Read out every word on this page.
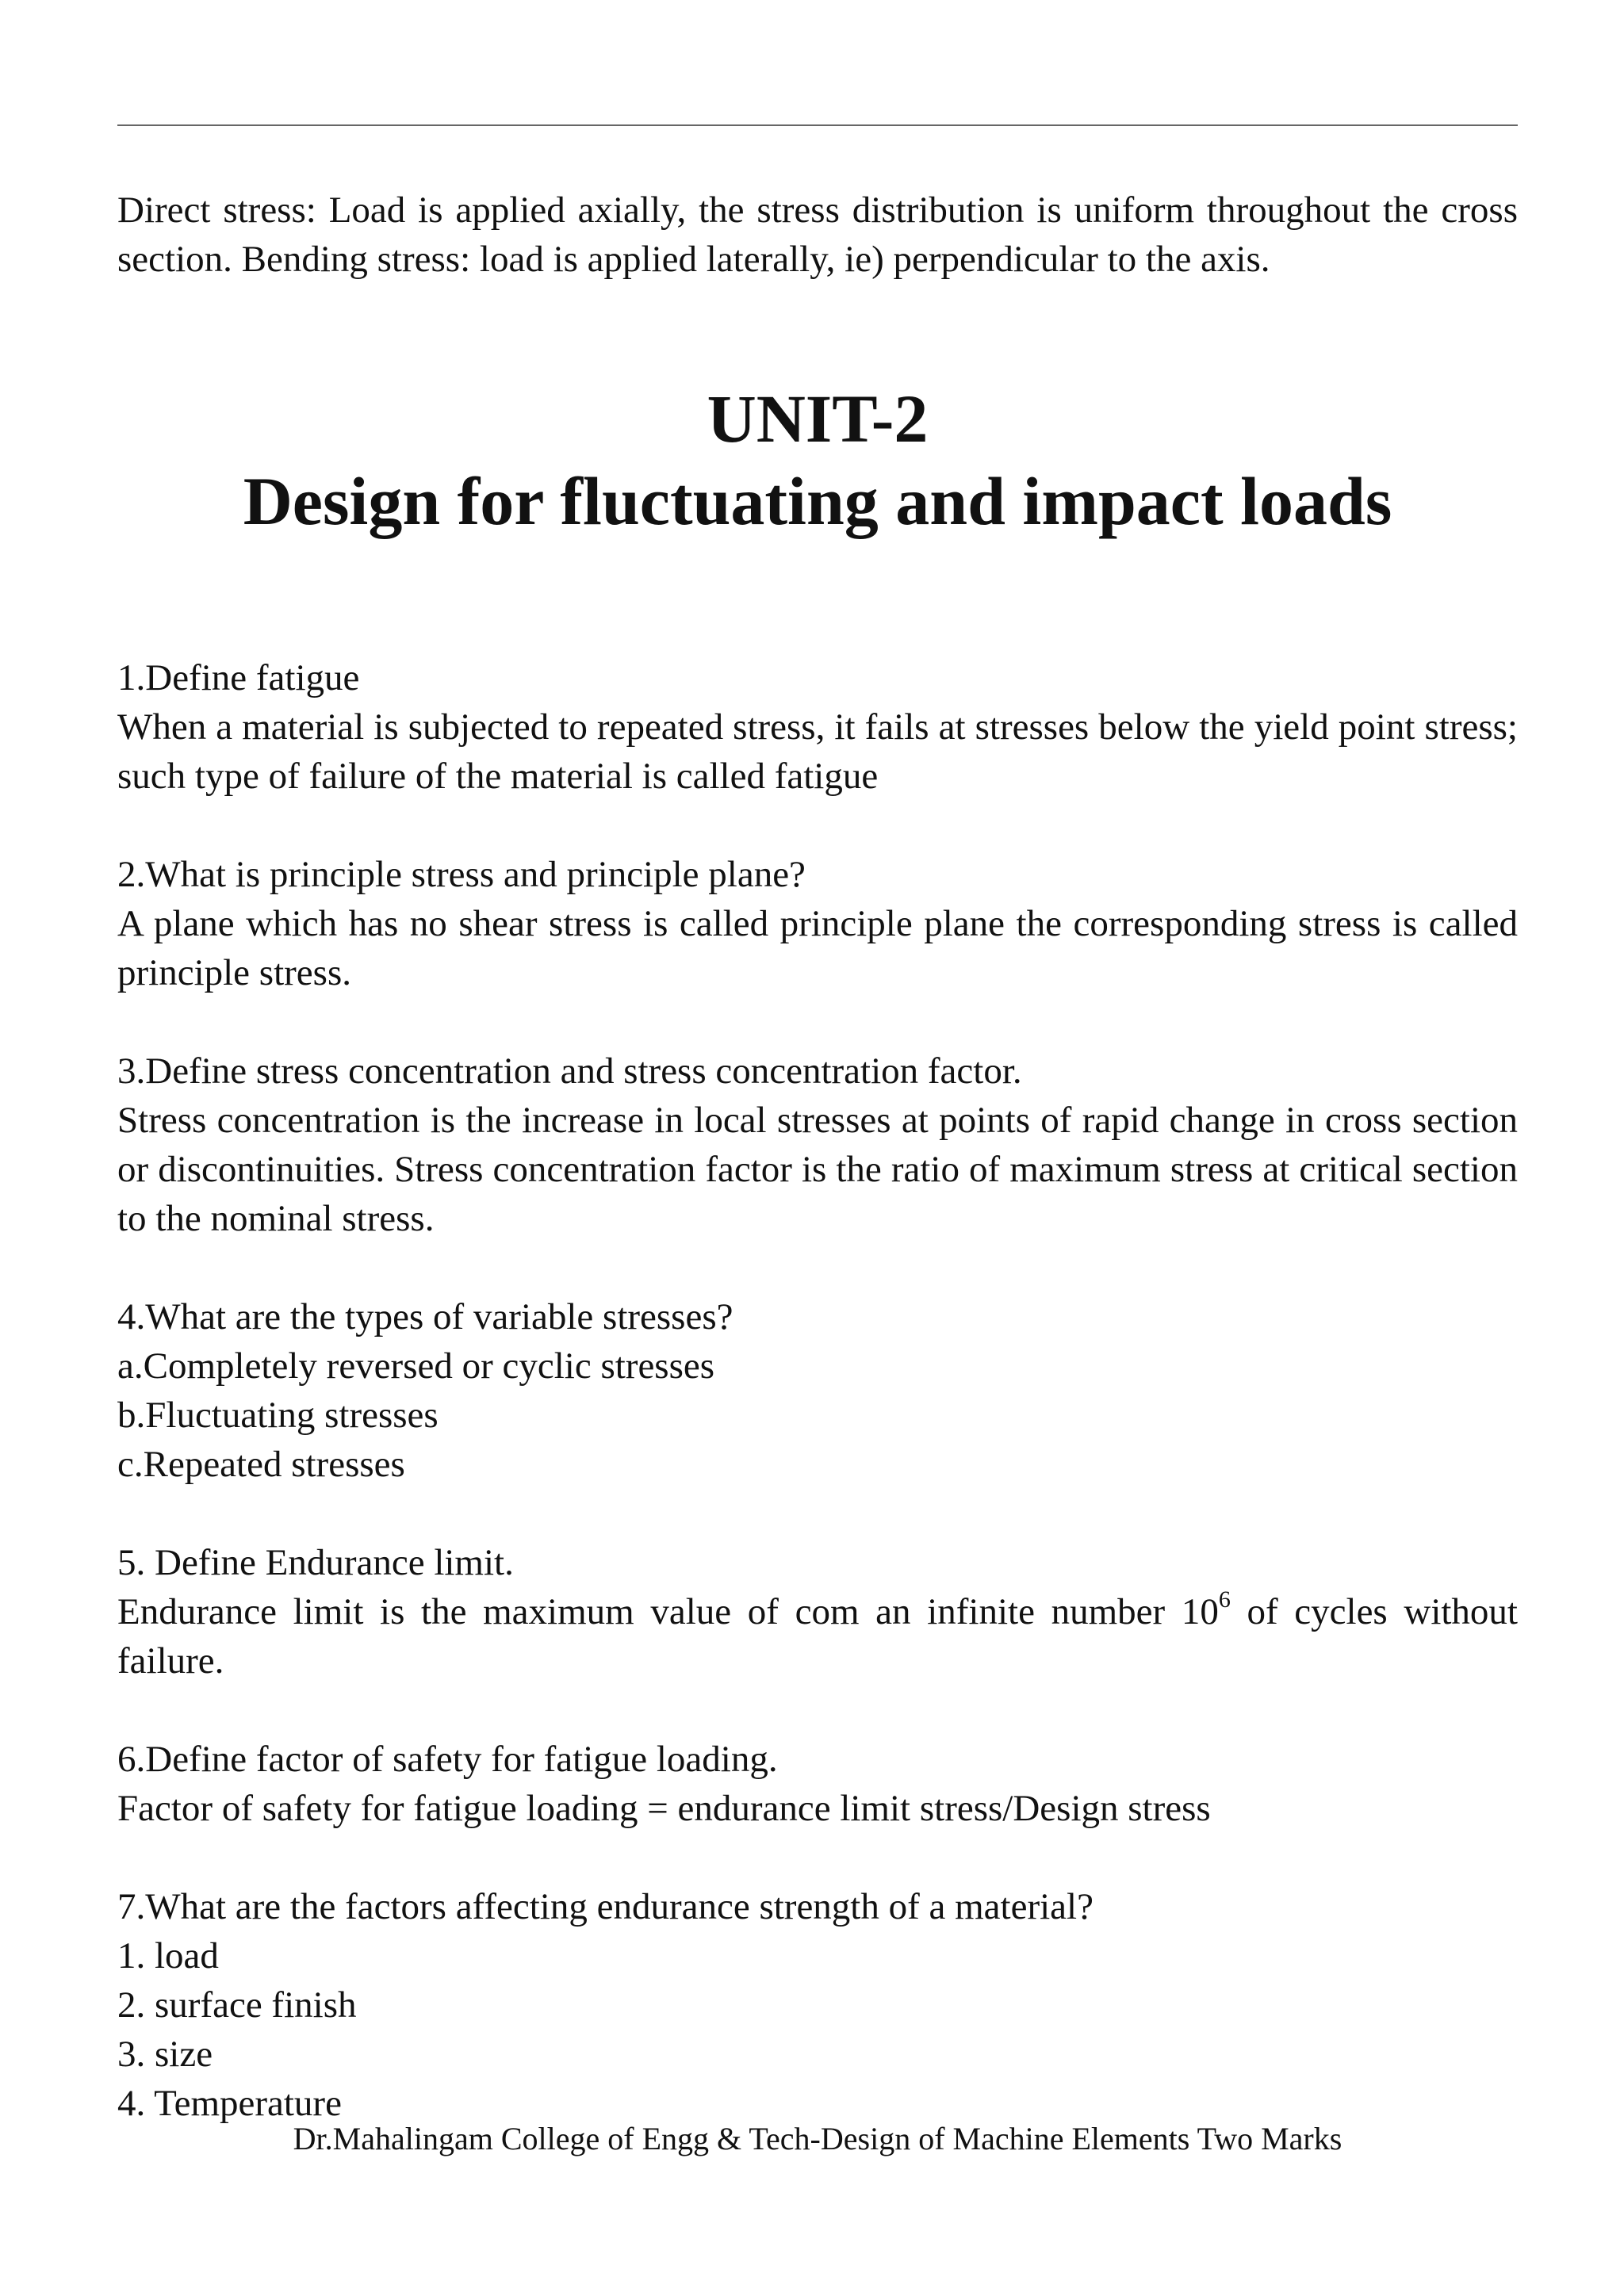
Direct stress: Load is applied axially, the stress distribution is uniform throughout the cross section. Bending stress: load is applied laterally, ie) perpendicular to the axis.

UNIT-2
Design for fluctuating and impact loads

1.Define fatigue

When a material is subjected to repeated stress, it fails at stresses below the yield point stress; such type of failure of the material is called fatigue

2.What is principle stress and principle plane?

A plane which has no shear stress is called principle plane the corresponding stress is called principle stress.

3.Define stress concentration and stress concentration factor.

Stress concentration is the increase in local stresses at points of rapid change in cross section or discontinuities. Stress concentration factor is the ratio of maximum stress at critical section to the nominal stress.

4.What are the types of variable stresses?

a.Completely reversed or cyclic stresses

b.Fluctuating stresses

c.Repeated stresses

5. Define Endurance limit.

Endurance limit is the maximum value of com an infinite number $10^6$ of cycles without failure.

6.Define factor of safety for fatigue loading.

Factor of safety for fatigue loading = endurance limit stress/Design stress

7.What are the factors affecting endurance strength of a material?

1. load

2. surface finish

3. size

4. Temperature

Dr.Mahalingam College of Engg & Tech-Design of Machine Elements Two Marks
